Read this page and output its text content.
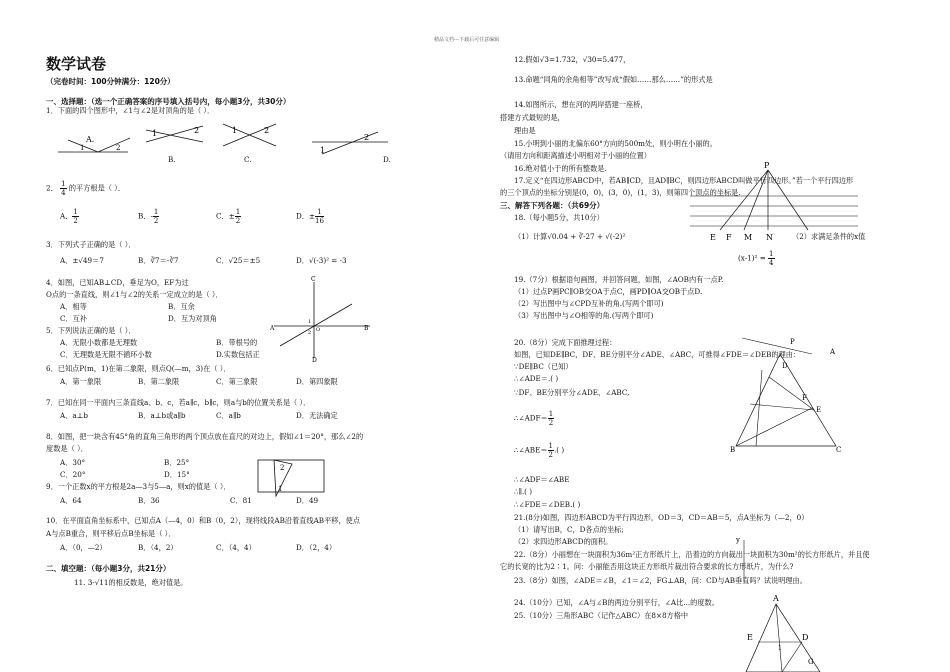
精品文档---下载后可任意编辑
数学试卷
（完卷时间：100分钟满分：120分）
一、选择题：（选一个正确答案的序号填入括号内，每小题3分，共30分）
1．下面的四个图形中，∠1与∠2是对顶角的是（ ）．
A.
1	2
1	2	1	2
1
2
B.	C.	D.
2． $\frac{1}{4}$ 的平方根是（ ）．
A． $\frac{1}{2}$	B．- $\frac{1}{2}$	C．± $\frac{1}{2}$	D．± $\frac{1}{16}$
3．下列式子正确的是（ ）．
A．±√49＝7	B．∛7＝-∛7	C．√25＝±5	D．√(-3)² = -3
4．如图，已知AB⊥CD，垂足为O，EF为过
O点的一条直线，则∠1与∠2的关系一定成立的是（ ）．
A．相等	B．互余
C．互补	D．互为对顶角
C
A	B
D
O
1
2
5．下列说法正确的是（ ）．
A．无限小数都是无理数	B．带根号的
C．无理数是无限不循环小数	D.实数包括正
6．已知点P(m，1)在第二象限，则点Q(—m，3)在（ ）．
A．第一象限	B．第二象限	C．第三象限	D．第四象限
7．已知在同一平面内三条直线a、b、c，若a∥c，b∥c，则a与b的位置关系是（ ）．
A．a⊥b	B．a⊥b或a∥b	C．a∥b	D．无法确定
8．如图，把一块含有45°角的直角三角形的两个顶点放在直尺的对边上，假如∠1＝20°，那么∠2的
度数是（ ）．
A．30°	B．25°
C．20°	D．15°
2
1
9．一个正数x的平方根是2a—3与5—a，则x的值是（ ）．
A．64	B．36	C．81	D．49
10．在平面直角坐标系中，已知点A（—4，0）和B（0，2），现将线段AB沿着直线AB平移，使点
A与点B重合，则平移后点B坐标是（ ）．
A．（0，—2）	B．（4，2）	C．（4，4）	D．（2，4）
二、填空题：（每小题3分，共21分）
11. 3-√11的相反数是，绝对值是。
12.假如√3=1.732，√30=5.477，
13.命题“同角的余角相等”改写成“假如……那么……”的形式是
14.如图所示，想在河的两岸搭建一座桥，
搭建方式最短的是，
理由是
15.小明到小丽的北偏东60°方向的500m处，则小明在小丽的。
（请用方向和距离描述小明相对于小丽的位置）
16.绝对值小于的所有整数是.
17.定义“在四边形ABCD中，若AB∥CD，且AD∥BC，则四边形ABCD叫做平行四边形。”若一个平行四边形
的三个顶点的坐标分别是(0，0)，(3，0)，(1，3)，则第四个顶点的坐标是.
P
E F M N
三、解答下列各题：（共69分）
18.（每小题5分，共10分）
（1）计算√0.04 + ∛-27 + √(-2)²	（2）求满足条件的x值
$(x-1)^2 = \frac{1}{4}$
19.（7分）根据语句画图，并回答问题，如图，∠AOB内有一点P.
（1）过点P画PC∥OB交OA于点C，画PD∥OA交OB于点D.
（2）写出图中与∠CPD互补的角.(写两个即可)
（3）写出图中与∠O相等的角.(写两个即可)
20.（8分）完成下面推理过程：
如图，已知DE∥BC，DF、BE分别平分∠ADE、∠ABC，可推得∠FDE＝∠DEB的理由：
∵DE∥BC（已知）
∴∠ADE＝.( )
∵DF、BE分别平分∠ADE、∠ABC,
∴∠ADF＝ $\frac{1}{2}$
∴∠ABE＝ $\frac{1}{2}$ .( )
∴∠ADF＝∠ABE
∴∥.( )
∴∠FDE＝∠DEB.( )
P
A
D
E
F
B	C
21.(8分)如图，四边形ABCD为平行四边形，OD＝3，CD＝AB＝5，点A坐标为（—2，0）
（1）请写出B，C，D各点的坐标;
（2）求四边形ABCD的面积。	y
22.（8分）小丽想在一块面积为36m²正方形纸片上，沿着边的方向裁出一块面积为30m²的长方形纸片，并且使
它的长宽的比为2∶1。问：小丽能否用这块正方形纸片裁出符合要求的长方形纸片，为什么?
23.（8分）如图，∠ADE＝∠B，∠1＝∠2，FG⊥AB，问：CD与AB垂直吗？试说明理由。
24.（10分）已知，∠A与∠B的两边分别平行，∠A比...的度数。
25.（10分）三角形ABC（记作△ABC）在8×8方格中
A
E	D
1
G
